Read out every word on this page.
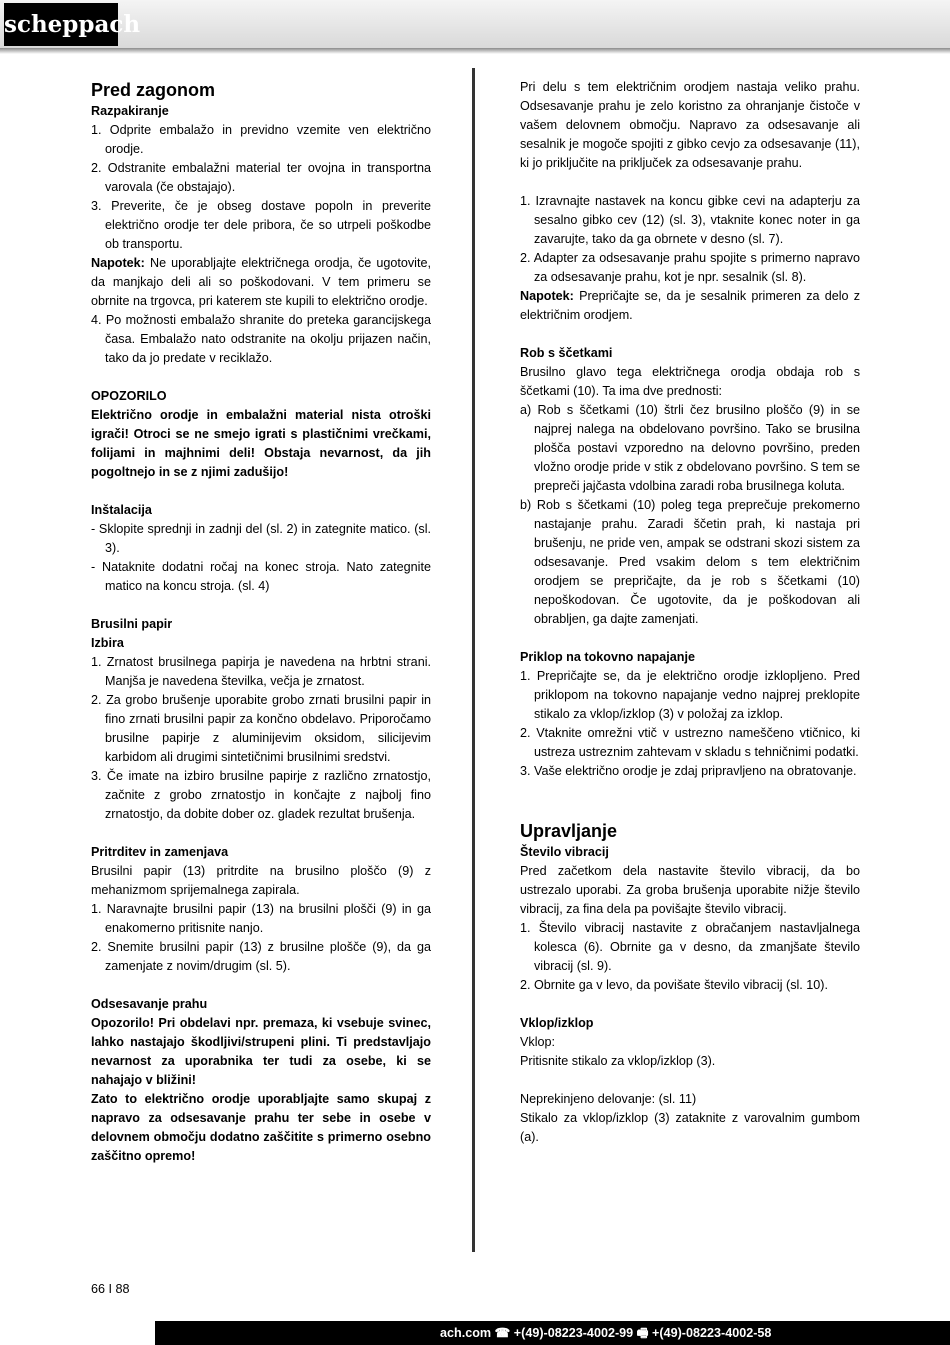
scheppach

Pred zagonom

Razpakiranje

1. Odprite embalažo in previdno vzemite ven električno orodje.

2. Odstranite embalažni material ter ovojna in transportna varovala (če obstajajo).

3. Preverite, če je obseg dostave popoln in preverite električno orodje ter dele pribora, če so utrpeli poškodbe ob transportu.

Napotek: Ne uporabljajte električnega orodja, če ugotovite, da manjkajo deli ali so poškodovani. V tem primeru se obrnite na trgovca, pri katerem ste kupili to električno orodje.

4. Po možnosti embalažo shranite do preteka garancijskega časa. Embalažo nato odstranite na okolju prijazen način, tako da jo predate v reciklažo.

OPOZORILO

Električno orodje in embalažni material nista otroški igrači! Otroci se ne smejo igrati s plastičnimi vrečkami, folijami in majhnimi deli! Obstaja nevarnost, da jih pogoltnejo in se z njimi zadušijo!

Inštalacija

- Sklopite sprednji in zadnji del (sl. 2) in zategnite matico. (sl. 3).

- Nataknite dodatni ročaj na konec stroja. Nato zategnite matico na koncu stroja. (sl. 4)

Brusilni papir

Izbira

1. Zrnatost brusilnega papirja je navedena na hrbtni strani. Manjša je navedena številka, večja je zrnatost.

2. Za grobo brušenje uporabite grobo zrnati brusilni papir in fino zrnati brusilni papir za končno obdelavo. Priporočamo brusilne papirje z aluminijevim oksidom, silicijevim karbidom ali drugimi sintetičnimi brusilnimi sredstvi.

3. Če imate na izbiro brusilne papirje z različno zrnatostjo, začnite z grobo zrnatostjo in končajte z najbolj fino zrnatostjo, da dobite dober oz. gladek rezultat brušenja.

Pritrditev in zamenjava

Brusilni papir (13) pritrdite na brusilno ploščo (9) z mehanizmom sprijemalnega zapirala.

1. Naravnajte brusilni papir (13) na brusilni plošči (9) in ga enakomerno pritisnite nanjo.

2. Snemite brusilni papir (13) z brusilne plošče (9), da ga zamenjate z novim/drugim (sl. 5).

Odsesavanje prahu

Opozorilo! Pri obdelavi npr. premaza, ki vsebuje svinec, lahko nastajajo škodljivi/strupeni plini. Ti predstavljajo nevarnost za uporabnika ter tudi za osebe, ki se nahajajo v bližini!

Zato to električno orodje uporabljajte samo skupaj z napravo za odsesavanje prahu ter sebe in osebe v delovnem območju dodatno zaščitite s primerno osebno zaščitno opremo!

Pri delu s tem električnim orodjem nastaja veliko prahu. Odsesavanje prahu je zelo koristno za ohranjanje čistoče v vašem delovnem območju. Napravo za odsesavanje ali sesalnik je mogoče spojiti z gibko cevjo za odsesavanje (11), ki jo priključite na priključek za odsesavanje prahu.

1. Izravnajte nastavek na koncu gibke cevi na adapterju za sesalno gibko cev (12) (sl. 3), vtaknite konec noter in ga zavarujte, tako da ga obrnete v desno (sl. 7).

2. Adapter za odsesavanje prahu spojite s primerno napravo za odsesavanje prahu, kot je npr. sesalnik (sl. 8).

Napotek: Prepričajte se, da je sesalnik primeren za delo z električnim orodjem.

Rob s ščetkami

Brusilno glavo tega električnega orodja obdaja rob s ščetkami (10). Ta ima dve prednosti:

a) Rob s ščetkami (10) štrli čez brusilno ploščo (9) in se najprej nalega na obdelovano površino. Tako se brusilna plošča postavi vzporedno na delovno površino, preden vložno orodje pride v stik z obdelovano površino. S tem se prepreči jajčasta vdolbina zaradi roba brusilnega koluta.

b) Rob s ščetkami (10) poleg tega preprečuje prekomerno nastajanje prahu. Zaradi ščetin prah, ki nastaja pri brušenju, ne pride ven, ampak se odstrani skozi sistem za odsesavanje. Pred vsakim delom s tem električnim orodjem se prepričajte, da je rob s ščetkami (10) nepoškodovan. Če ugotovite, da je poškodovan ali obrabljen, ga dajte zamenjati.

Priklop na tokovno napajanje

1. Prepričajte se, da je električno orodje izklopljeno. Pred priklopom na tokovno napajanje vedno najprej preklopite stikalo za vklop/izklop (3) v položaj za izklop.

2. Vtaknite omrežni vtič v ustrezno nameščeno vtičnico, ki ustreza ustreznim zahtevam v skladu s tehničnimi podatki.

3. Vaše električno orodje je zdaj pripravljeno na obratovanje.

Upravljanje

Število vibracij

Pred začetkom dela nastavite število vibracij, da bo ustrezalo uporabi. Za groba brušenja uporabite nižje število vibracij, za fina dela pa povišajte število vibracij.

1. Število vibracij nastavite z obračanjem nastavljalnega kolesca (6). Obrnite ga v desno, da zmanjšate število vibracij (sl. 9).

2. Obrnite ga v levo, da povišate število vibracij (sl. 10).

Vklop/izklop

Vklop:

Pritisnite stikalo za vklop/izklop (3).

Neprekinjeno delovanje: (sl. 11)

Stikalo za vklop/izklop (3) zataknite z varovalnim gumbom (a).

66 I 88
ach.com ☎ +(49)-08223-4002-99 🖷 +(49)-08223-4002-58
